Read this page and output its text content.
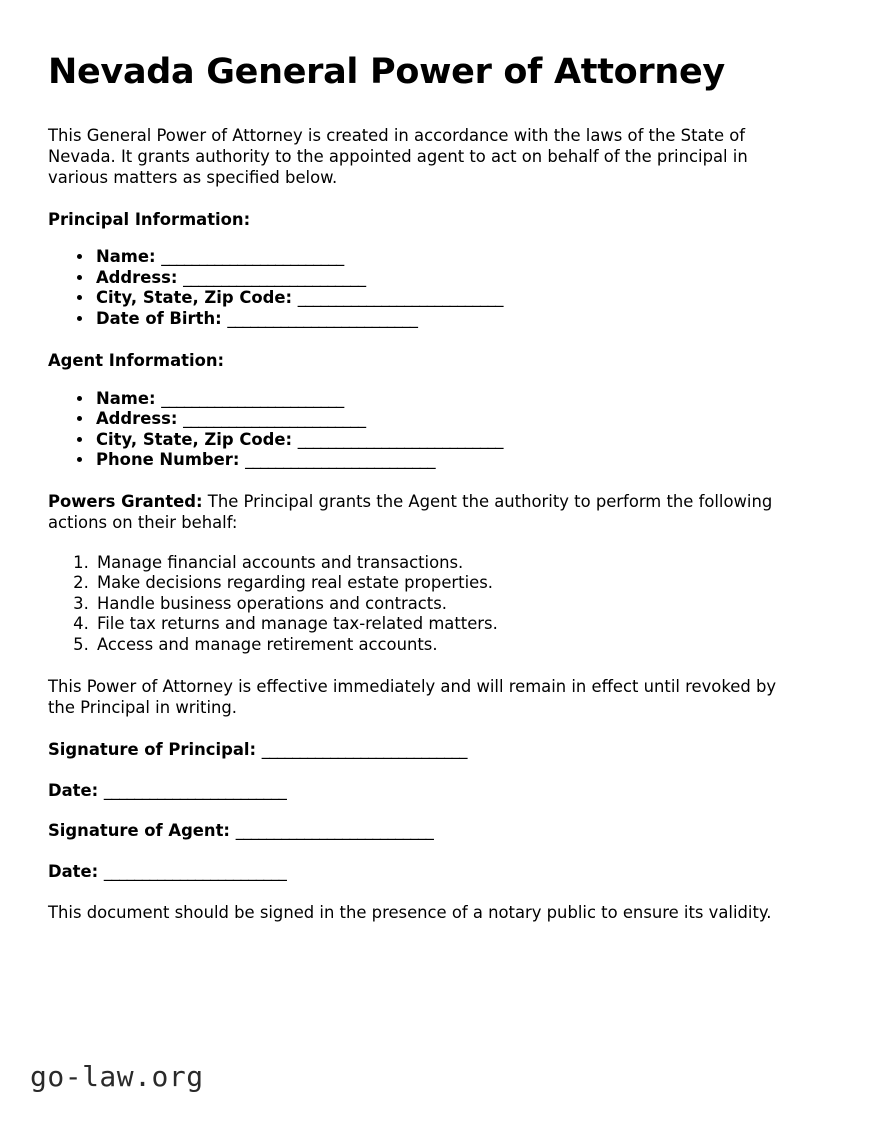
Nevada General Power of Attorney

This General Power of Attorney is created in accordance with the laws of the State of Nevada. It grants authority to the appointed agent to act on behalf of the principal in various matters as specified below.

Principal Information:
• Name: ________________________
• Address: ________________________
• City, State, Zip Code: ___________________________
• Date of Birth: _________________________
Agent Information:
• Name: ________________________
• Address: ________________________
• City, State, Zip Code: ___________________________
• Phone Number: _________________________

Powers Granted: The Principal grants the Agent the authority to perform the following actions on their behalf:

1. Manage financial accounts and transactions.
2. Make decisions regarding real estate properties.
3. Handle business operations and contracts.
4. File tax returns and manage tax-related matters.
5. Access and manage retirement accounts.

This Power of Attorney is effective immediately and will remain in effect until revoked by the Principal in writing.

Signature of Principal: ___________________________
Date: ________________________
Signature of Agent: __________________________
Date: ________________________

This document should be signed in the presence of a notary public to ensure its validity.

go-law.org
